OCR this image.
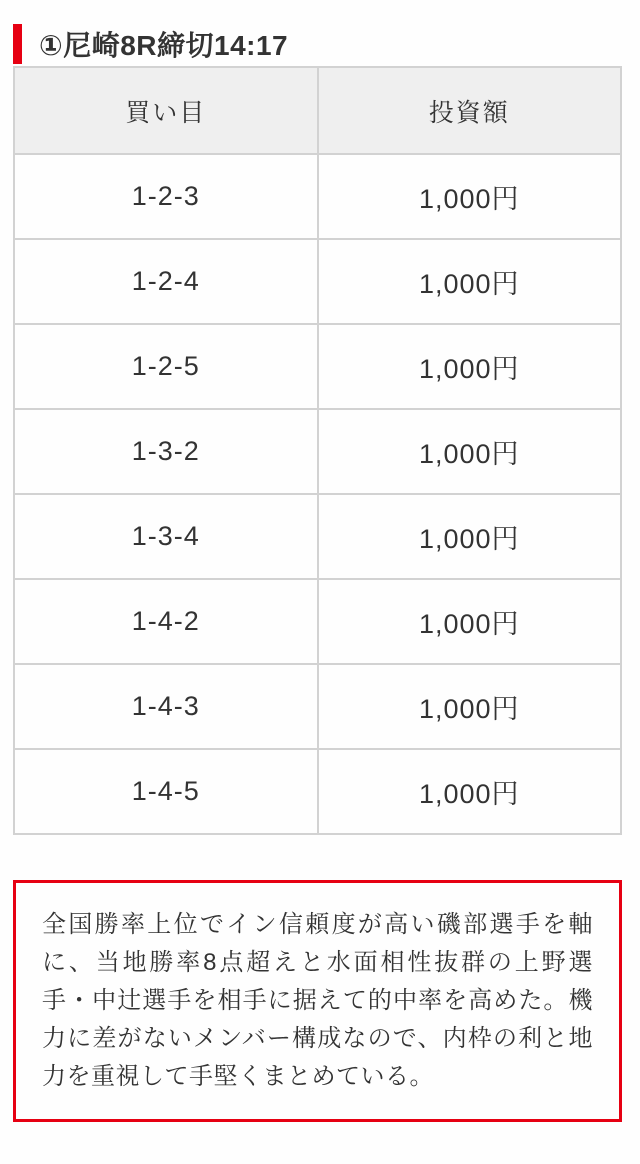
①尼崎8R締切14:17
買い目	投資額
1-2-3	1,000円
1-2-4	1,000円
1-2-5	1,000円
1-3-2	1,000円
1-3-4	1,000円
1-4-2	1,000円
1-4-3	1,000円
1-4-5	1,000円
全国勝率上位でイン信頼度が高い磯部選手を軸に、当地勝率8点超えと水面相性抜群の上野選手・中辻選手を相手に据えて的中率を高めた。機力に差がないメンバー構成なので、内枠の利と地力を重視して手堅くまとめている。
